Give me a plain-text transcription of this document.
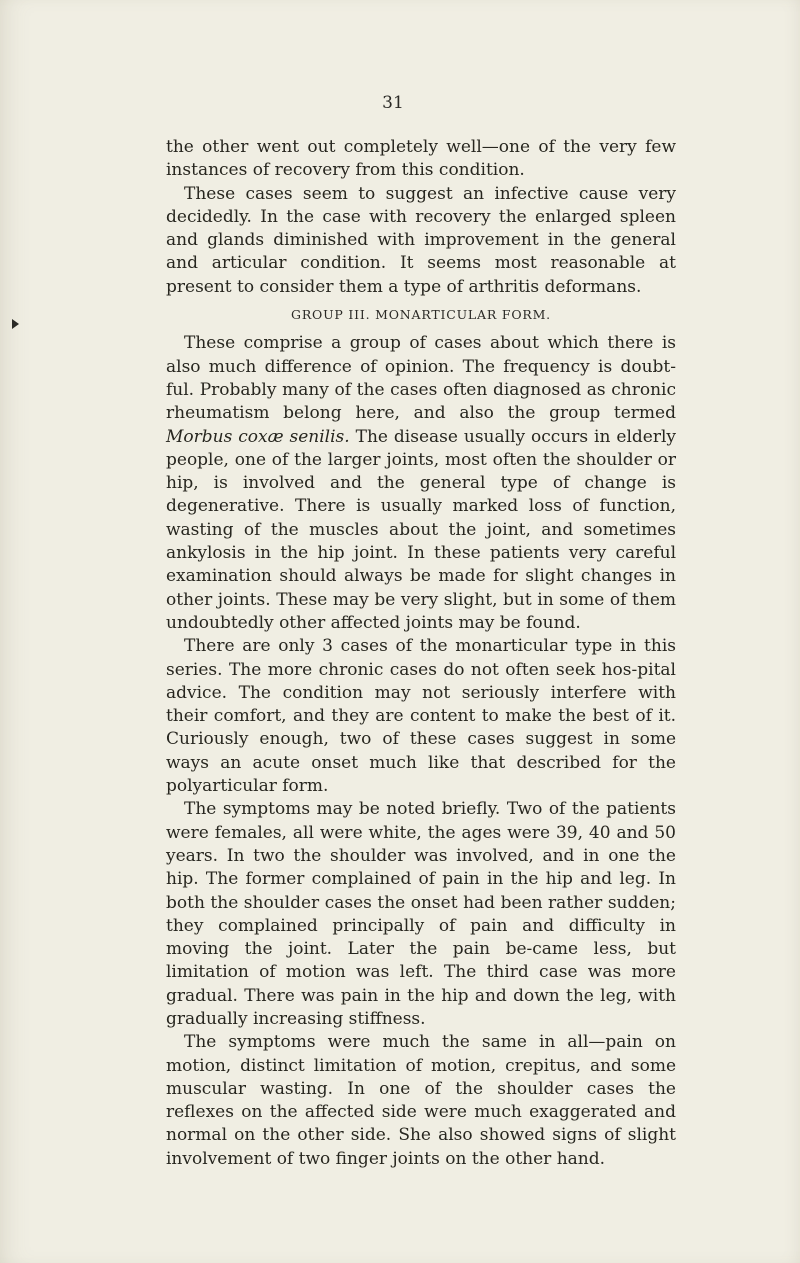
31

the other went out completely well—one of the very few instances of recovery from this condition.

These cases seem to suggest an infective cause very decidedly. In the case with recovery the enlarged spleen and glands diminished with improvement in the general and articular condition. It seems most reasonable at present to consider them a type of arthritis deformans.

GROUP III. MONARTICULAR FORM.

These comprise a group of cases about which there is also much difference of opinion. The frequency is doubt-ful. Probably many of the cases often diagnosed as chronic rheumatism belong here, and also the group termed Morbus coxæ senilis. The disease usually occurs in elderly people, one of the larger joints, most often the shoulder or hip, is involved and the general type of change is degenerative. There is usually marked loss of function, wasting of the muscles about the joint, and sometimes ankylosis in the hip joint. In these patients very careful examination should always be made for slight changes in other joints. These may be very slight, but in some of them undoubtedly other affected joints may be found.

There are only 3 cases of the monarticular type in this series. The more chronic cases do not often seek hos-pital advice. The condition may not seriously interfere with their comfort, and they are content to make the best of it. Curiously enough, two of these cases suggest in some ways an acute onset much like that described for the polyarticular form.

The symptoms may be noted briefly. Two of the patients were females, all were white, the ages were 39, 40 and 50 years. In two the shoulder was involved, and in one the hip. The former complained of pain in the hip and leg. In both the shoulder cases the onset had been rather sudden; they complained principally of pain and difficulty in moving the joint. Later the pain be-came less, but limitation of motion was left. The third case was more gradual. There was pain in the hip and down the leg, with gradually increasing stiffness.

The symptoms were much the same in all—pain on motion, distinct limitation of motion, crepitus, and some muscular wasting. In one of the shoulder cases the reflexes on the affected side were much exaggerated and normal on the other side. She also showed signs of slight involvement of two finger joints on the other hand.
